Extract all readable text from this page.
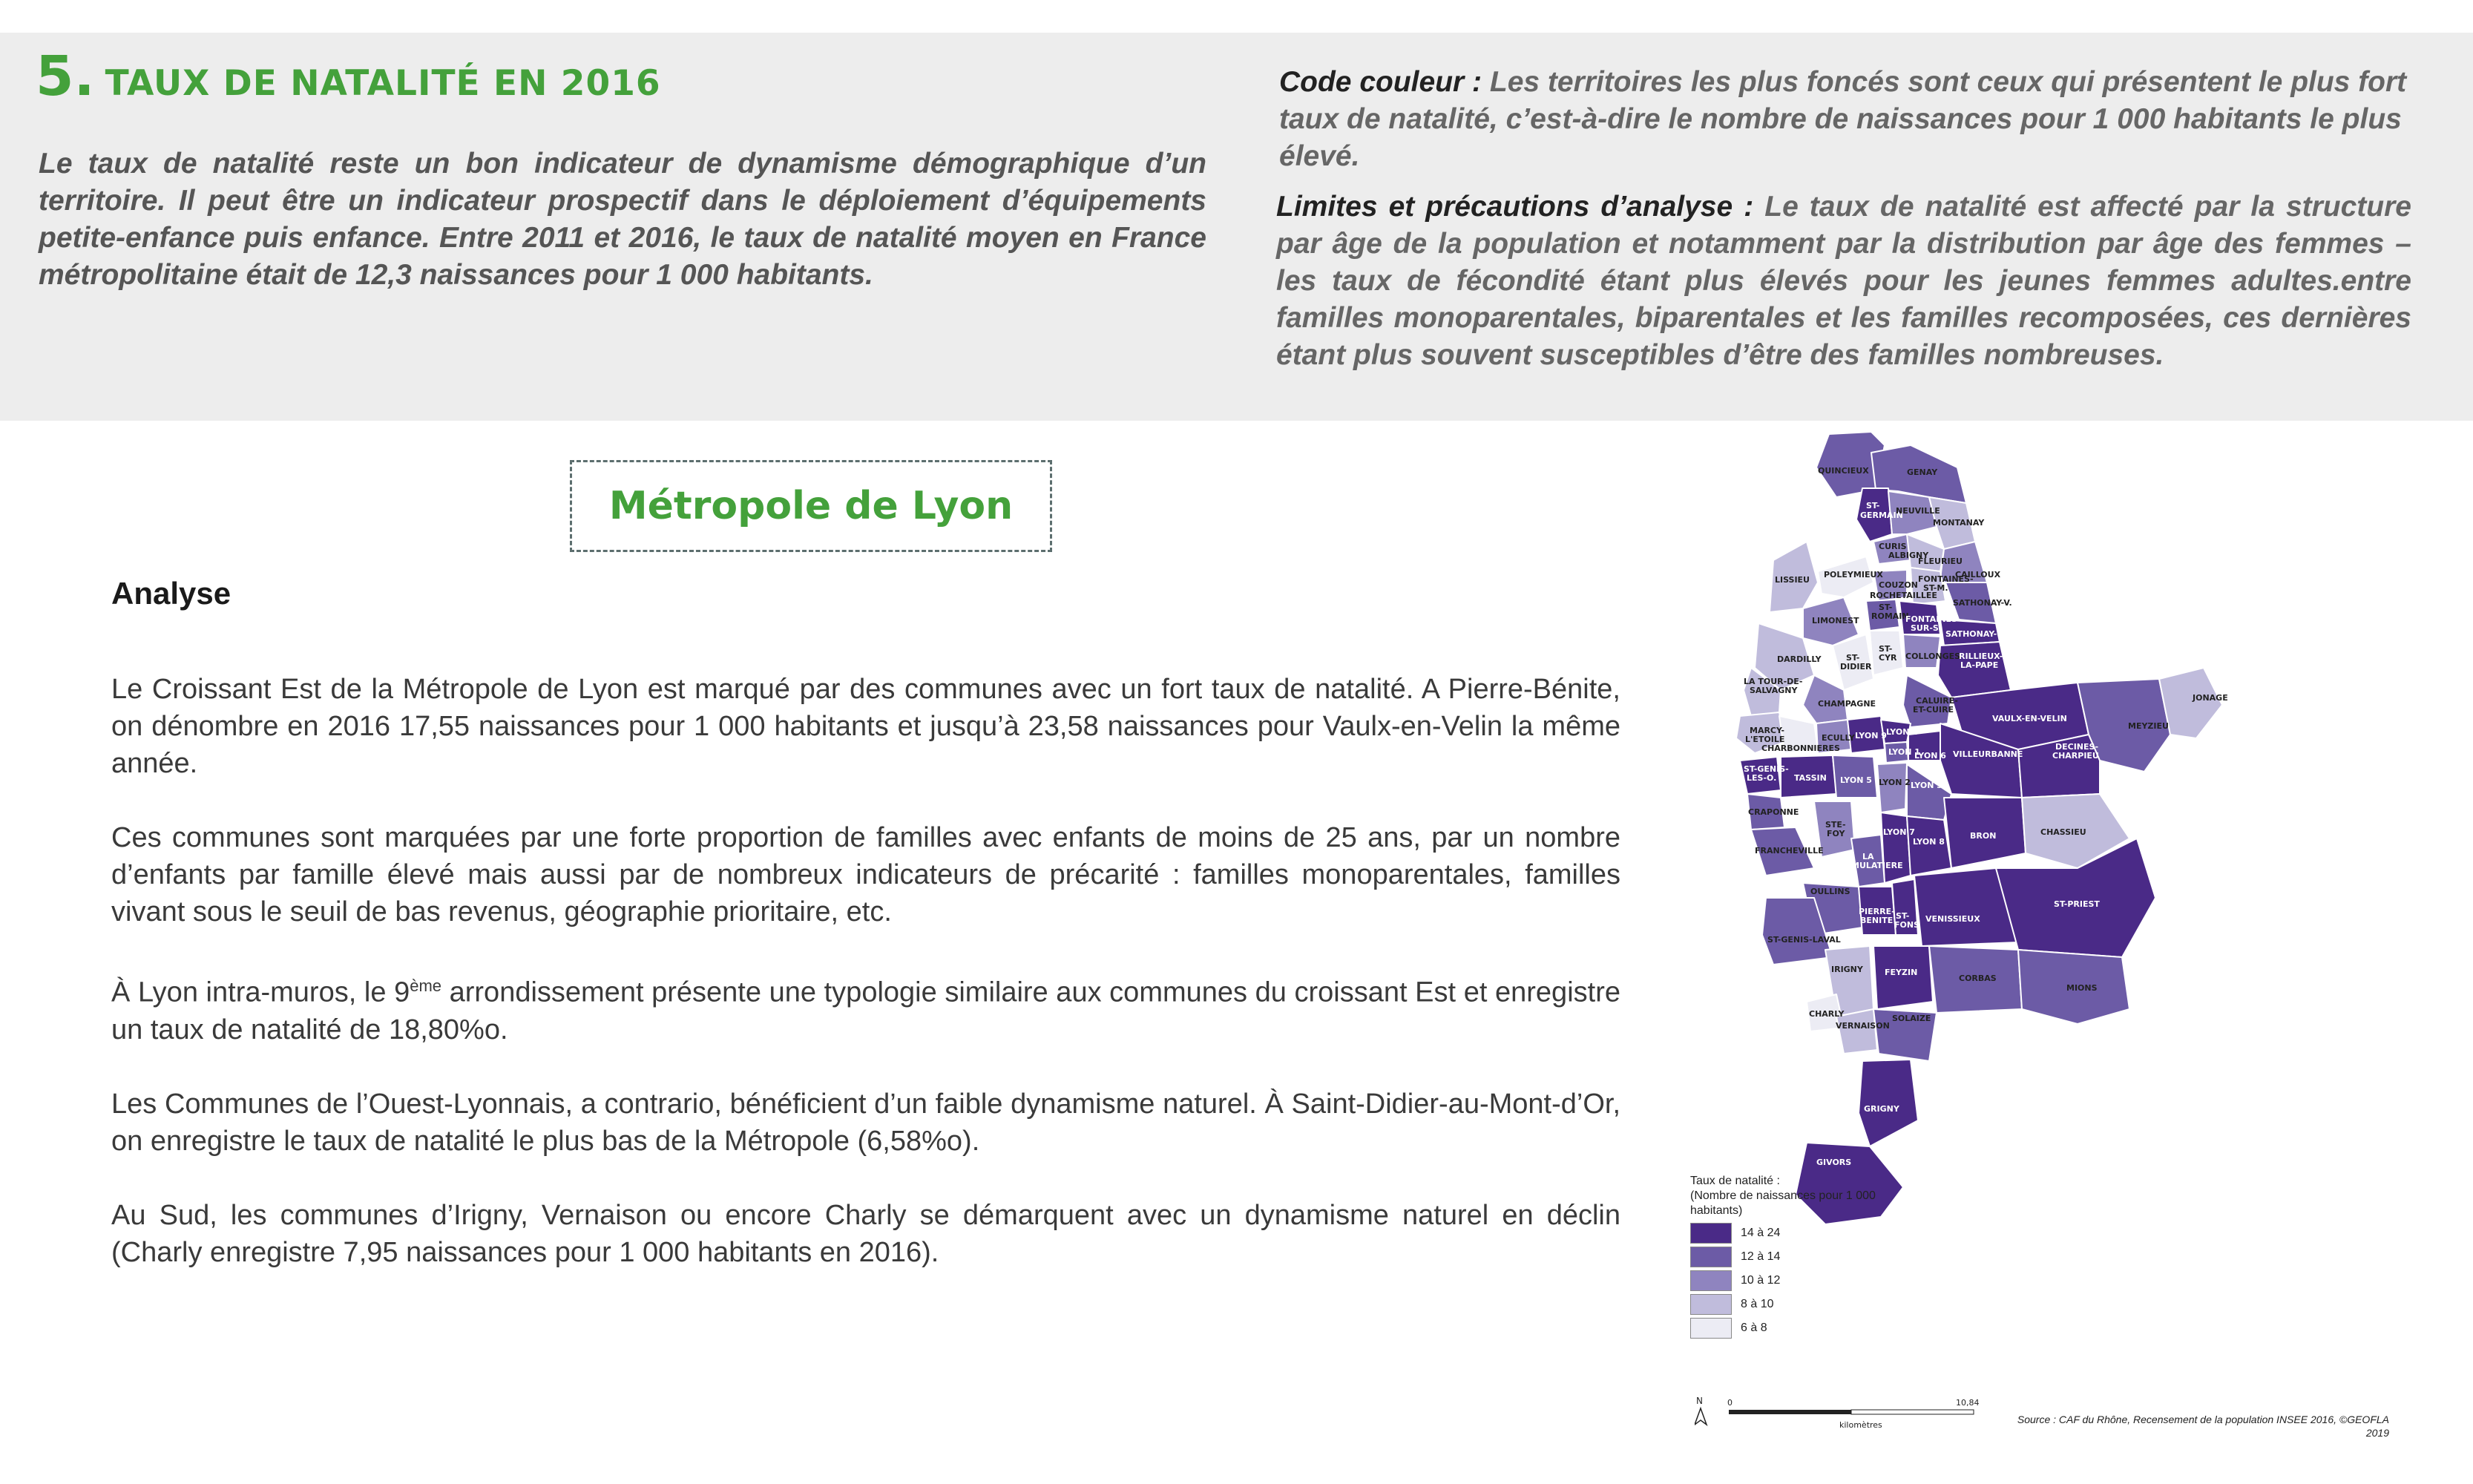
5. TAUX DE NATALITÉ EN 2016
Le taux de natalité reste un bon indicateur de dynamisme démographique d’un territoire. Il peut être un indicateur prospectif dans le déploiement d’équipements petite-enfance puis enfance. Entre 2011 et 2016, le taux de natalité moyen en France métropolitaine était de 12,3 naissances pour 1 000 habitants.
Code couleur : Les territoires les plus foncés sont ceux qui présentent le plus fort taux de natalité, c’est-à-dire le nombre de naissances pour 1 000 habitants le plus élevé.
Limites et précautions d’analyse : Le taux de natalité est affecté par la structure par âge de la population et notamment par la distribution par âge des femmes – les taux de fécondité étant plus élevés pour les jeunes femmes adultes.entre familles monoparentales, biparentales et les familles recomposées, ces dernières étant plus souvent susceptibles d’être des familles nombreuses.
Métropole de Lyon
Analyse

Le Croissant Est de la Métropole de Lyon est marqué par des communes avec un fort taux de natalité. A Pierre-Bénite, on dénombre en 2016 17,55 naissances pour 1 000 habitants et jusqu’à 23,58 naissances pour Vaulx-en-Velin la même année.

Ces communes sont marquées par une forte proportion de familles avec enfants de moins de 25 ans, par un nombre d’enfants par famille élevé mais aussi par de nombreux indicateurs de précarité : familles monoparentales, familles vivant sous le seuil de bas revenus, géographie prioritaire, etc.

À Lyon intra-muros, le 9ème arrondissement présente une typologie similaire aux communes du croissant Est et enregistre un taux de natalité de 18,80%o.

Les Communes de l’Ouest-Lyonnais, a contrario, bénéficient d’un faible dynamisme naturel. À Saint-Didier-au-Mont-d’Or, on enregistre le taux de natalité le plus bas de la Métropole (6,58%o).

Au Sud, les communes d’Irigny, Vernaison ou encore Charly se démarquent avec un dynamisme naturel en déclin (Charly enregistre 7,95 naissances pour 1 000 habitants en 2016).

QUINCIEUX	GENAY
ST-
GERMAIN
NEUVILLE
MONTANAY
CURIS
ALBIGNY
FLEURIEU
CAILLOUX
LISSIEU
POLEYMIEUX
COUZON
FONTAINES-
ST-M.
ROCHETAILLEE
SATHONAY-V.
LIMONEST
ST-
ROMAIN
FONTAINES-
SUR-S.
SATHONAY-CAMP
DARDILLY	ST-
DIDIER
ST-
CYR COLLONGES
RILLIEUX-
LA-PAPE
LA TOUR-DE-
SALVAGNY
CHAMPAGNE	CALUIRE-
ET-CUIRE
VAULX-EN-VELIN
JONAGE
MEYZIEU
MARCY-
L'ETOILE
CHARBONNIERES
ECULLY LYON 9 LYON 4
LYON 1
LYON 6 VILLEURBANNE
DECINES-
CHARPIEU
ST-GENIS-
LES-O. TASSIN LYON 5 LYON 2 LYON 3
CRAPONNE
FRANCHEVILLE
STE-
FOY	LYON 7
LYON 8
BRON	CHASSIEU
LA
MULATIERE
OULLINS
PIERRE-
BENITE ST-
FONS
VENISSIEUX
ST-PRIEST
ST-GENIS-LAVAL
IRIGNY	FEYZIN
CORBAS
MIONS
CHARLY
VERNAISON
SOLAIZE
GRIGNY
GIVORS
Taux de natalité :
(Nombre de naissances pour 1 000 habitants)
14 à 24
12 à 14
10 à 12
8 à 10
6 à 8
N	0	10,84
kilomètres	Source : CAF du Rhône, Recensement de la population INSEE 2016, ©GEOFLA 2019
